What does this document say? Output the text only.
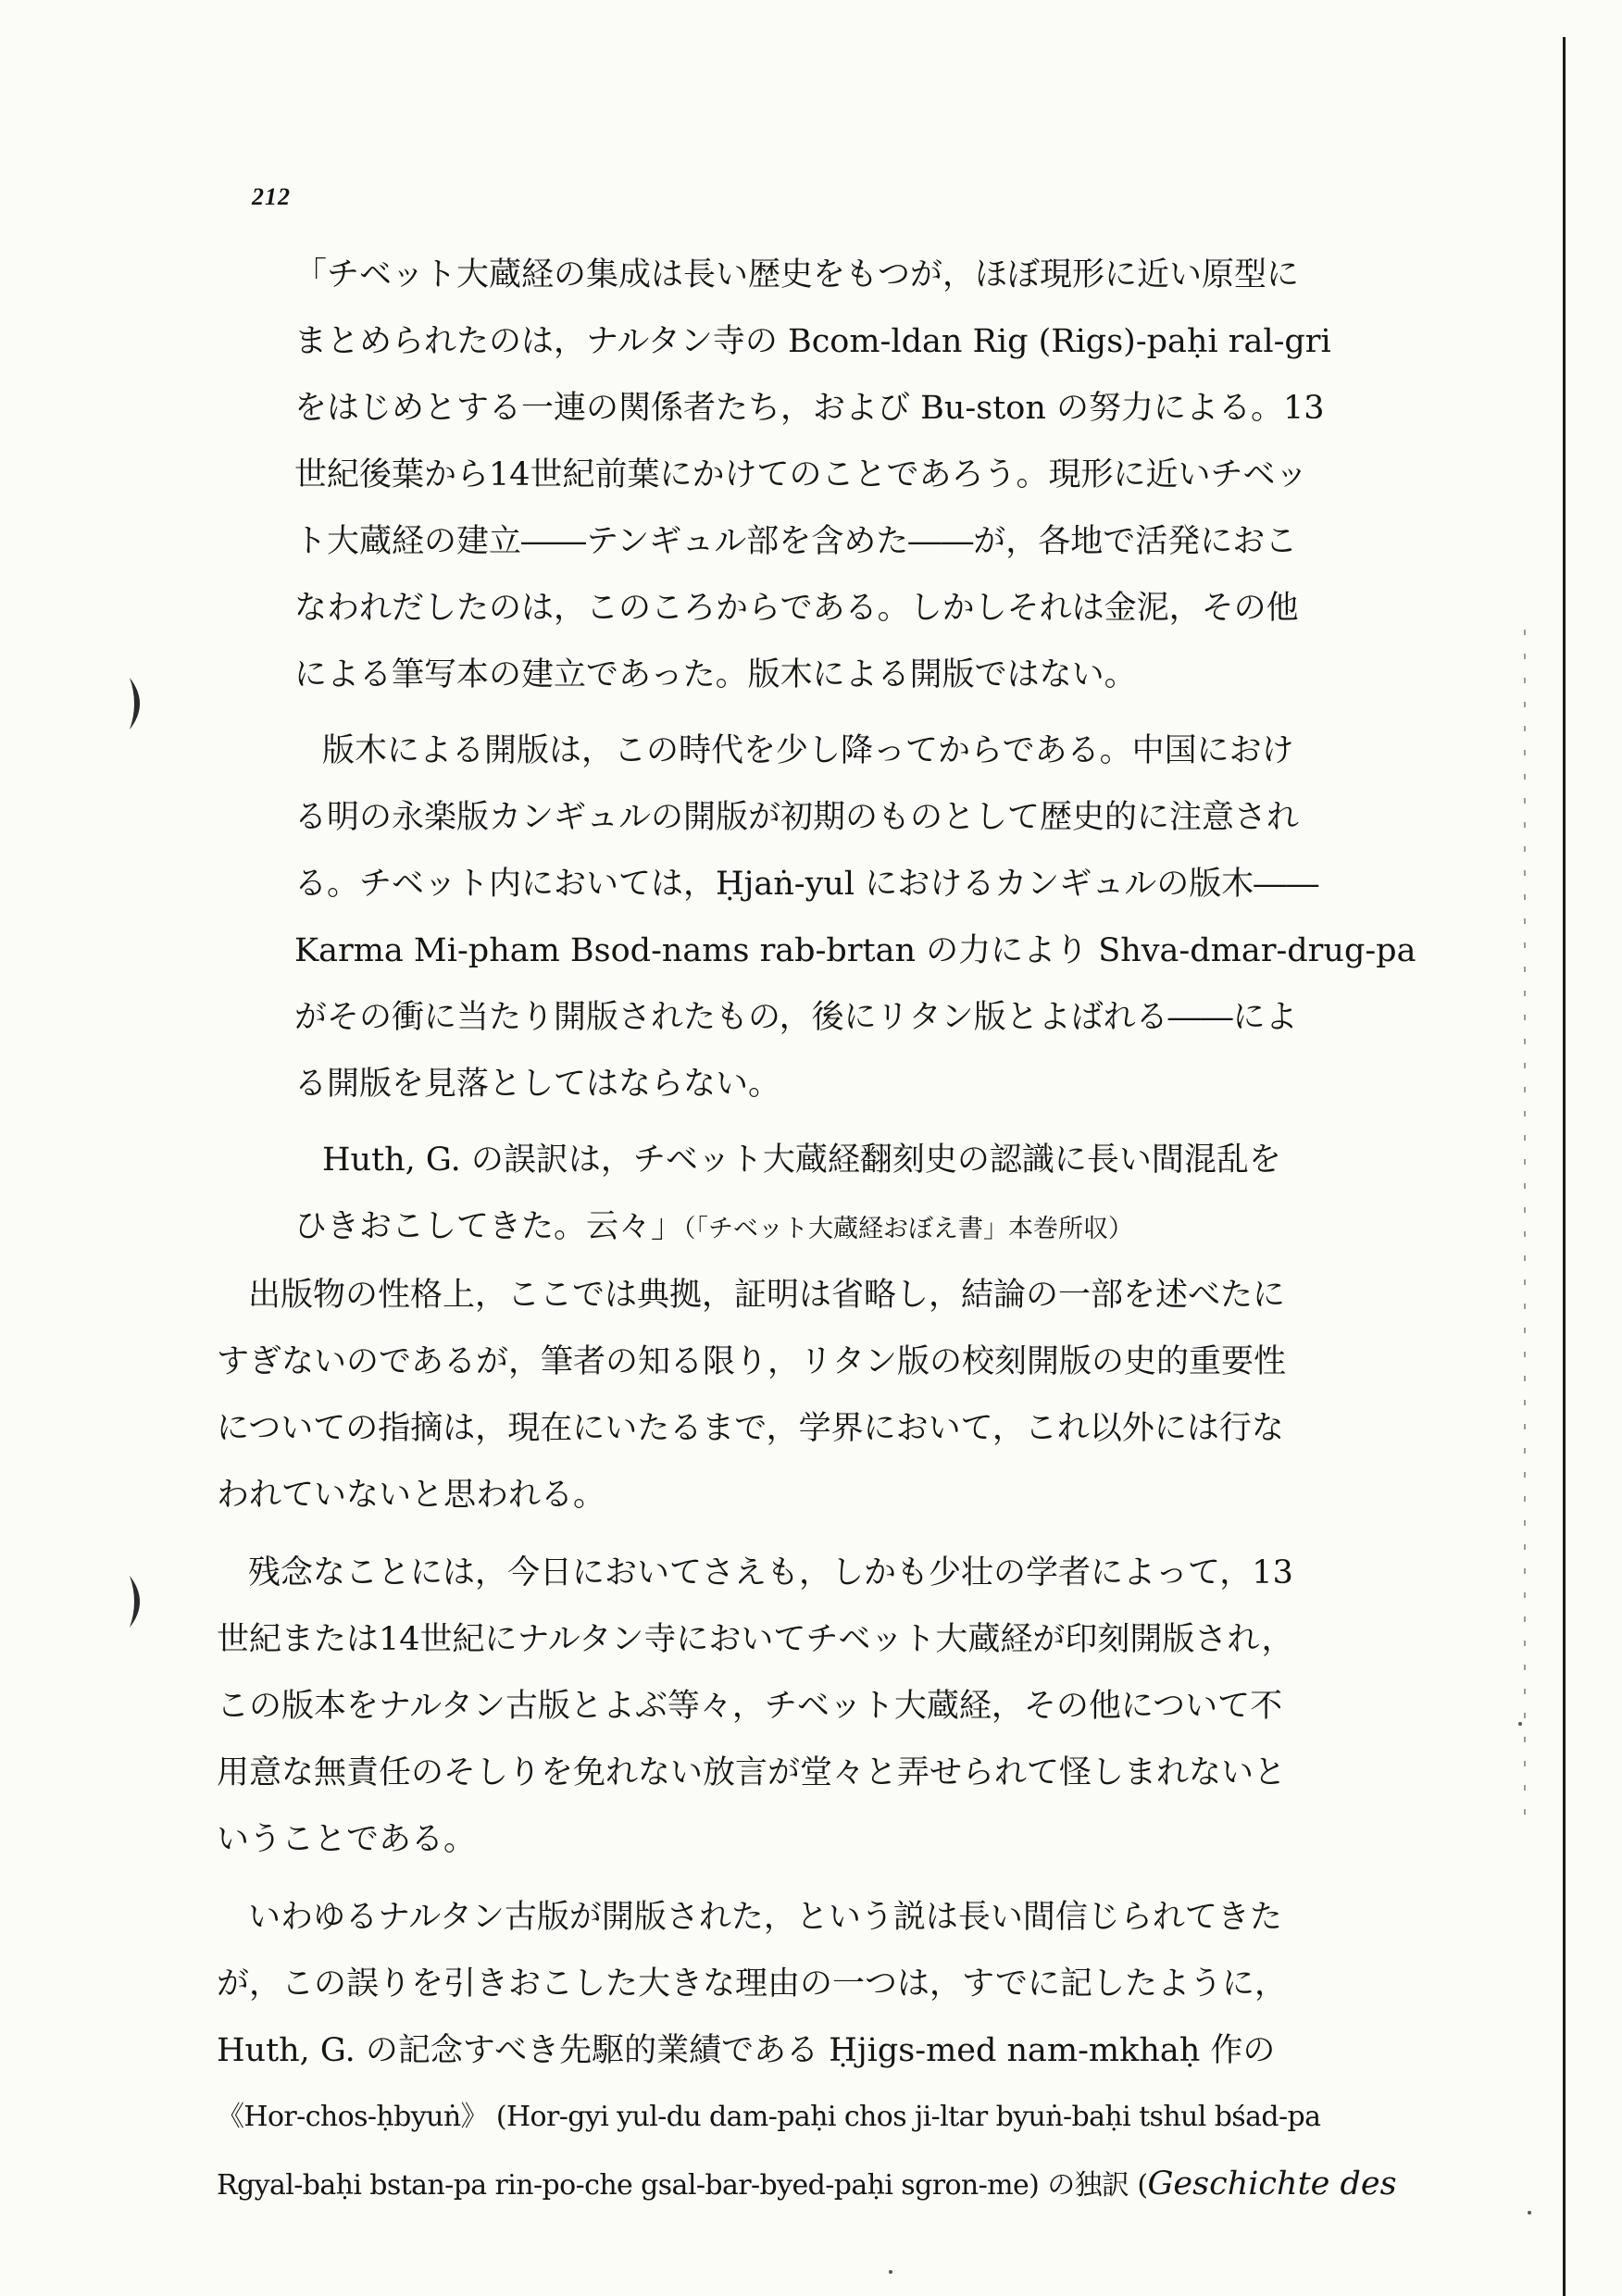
212
「チベット大蔵経の集成は長い歴史をもつが，ほぼ現形に近い原型に
まとめられたのは，ナルタン寺の Bcom-ldan Rig (Rigs)-paḥi ral-gri
をはじめとする一連の関係者たち，および Bu-ston の努力による。13
世紀後葉から14世紀前葉にかけてのことであろう。現形に近いチベッ
ト大蔵経の建立――テンギュル部を含めた――が，各地で活発におこ
なわれだしたのは，このころからである。しかしそれは金泥，その他
による筆写本の建立であった。版木による開版ではない。
版木による開版は，この時代を少し降ってからである。中国におけ
る明の永楽版カンギュルの開版が初期のものとして歴史的に注意され
る。チベット内においては，Ḥjaṅ-yul におけるカンギュルの版木――
Karma Mi-pham Bsod-nams rab-brtan の力により Shva-dmar-drug-pa
がその衝に当たり開版されたもの，後にリタン版とよばれる――によ
る開版を見落としてはならない。
Huth, G. の誤訳は，チベット大蔵経翻刻史の認識に長い間混乱を
ひきおこしてきた。云々」（「チベット大蔵経おぼえ書」本巻所収）
出版物の性格上，ここでは典拠，証明は省略し，結論の一部を述べたに
すぎないのであるが，筆者の知る限り，リタン版の校刻開版の史的重要性
についての指摘は，現在にいたるまで，学界において，これ以外には行な
われていないと思われる。
残念なことには，今日においてさえも，しかも少壮の学者によって，13
世紀または14世紀にナルタン寺においてチベット大蔵経が印刻開版され，
この版本をナルタン古版とよぶ等々，チベット大蔵経，その他について不
用意な無責任のそしりを免れない放言が堂々と弄せられて怪しまれないと
いうことである。
いわゆるナルタン古版が開版された，という説は長い間信じられてきた
が，この誤りを引きおこした大きな理由の一つは，すでに記したように，
Huth, G. の記念すべき先駆的業績である Ḥjigs-med nam-mkhaḥ 作の
《Hor-chos-ḥbyuṅ》 (Hor-gyi yul-du dam-paḥi chos ji-ltar byuṅ-baḥi tshul bśad-pa
Rgyal-baḥi bstan-pa rin-po-che gsal-bar-byed-paḥi sgron-me) の独訳 (Geschichte des
